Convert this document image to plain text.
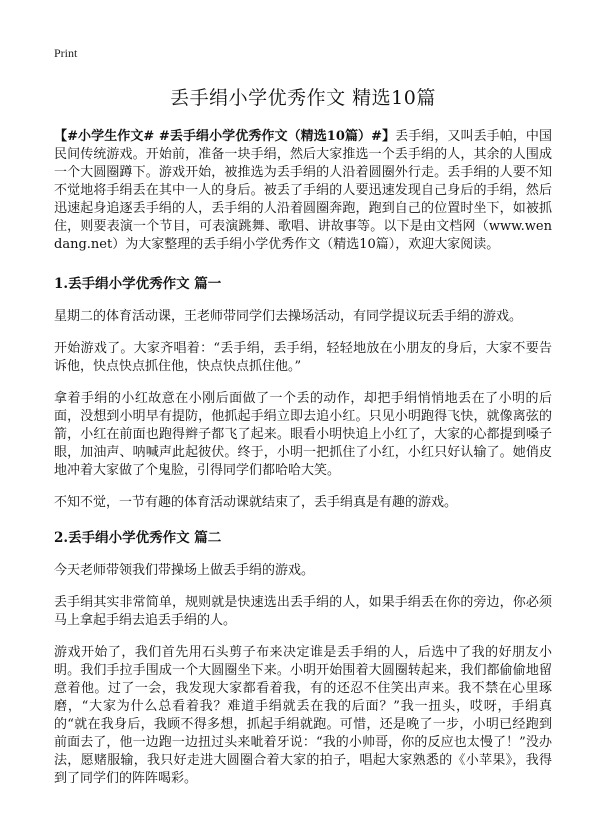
Print
丢手绢小学优秀作文 精选10篇

【#小学生作文# #丢手绢小学优秀作文（精选10篇）#】丢手绢，又叫丢手帕，中国民间传统游戏。开始前，准备一块手绢，然后大家推选一个丢手绢的人，其余的人围成一个大圆圈蹲下。游戏开始，被推选为丢手绢的人沿着圆圈外行走。丢手绢的人要不知不觉地将手绢丢在其中一人的身后。被丢了手绢的人要迅速发现自己身后的手绢，然后迅速起身追逐丢手绢的人，丢手绢的人沿着圆圈奔跑，跑到自己的位置时坐下，如被抓住，则要表演一个节目，可表演跳舞、歌唱、讲故事等。以下是由文档网（www.wendang.net）为大家整理的丢手绢小学优秀作文（精选10篇），欢迎大家阅读。

1.丢手绢小学优秀作文 篇一

星期二的体育活动课，王老师带同学们去操场活动，有同学提议玩丢手绢的游戏。

开始游戏了。大家齐唱着：“丢手绢，丢手绢，轻轻地放在小朋友的身后，大家不要告诉他，快点快点抓住他，快点快点抓住他。”

拿着手绢的小红故意在小刚后面做了一个丢的动作，却把手绢悄悄地丢在了小明的后面，没想到小明早有提防，他抓起手绢立即去追小红。只见小明跑得飞快，就像离弦的箭，小红在前面也跑得辫子都飞了起来。眼看小明快追上小红了，大家的心都提到嗓子眼，加油声、呐喊声此起彼伏。终于，小明一把抓住了小红，小红只好认输了。她俏皮地冲着大家做了个鬼脸，引得同学们都哈哈大笑。

不知不觉，一节有趣的体育活动课就结束了，丢手绢真是有趣的游戏。

2.丢手绢小学优秀作文 篇二

今天老师带领我们带操场上做丢手绢的游戏。

丢手绢其实非常简单，规则就是快速选出丢手绢的人，如果手绢丢在你的旁边，你必须马上拿起手绢去追丢手绢的人。

游戏开始了，我们首先用石头剪子布来决定谁是丢手绢的人，后选中了我的好朋友小明。我们手拉手围成一个大圆圈坐下来。小明开始围着大圆圈转起来，我们都偷偷地留意着他。过了一会，我发现大家都看着我，有的还忍不住笑出声来。我不禁在心里琢磨，“大家为什么总看着我？难道手绢就丢在我的后面？”我一扭头，哎呀，手绢真的“就在我身后，我顾不得多想，抓起手绢就跑。可惜，还是晚了一步，小明已经跑到前面去了，他一边跑一边扭过头来呲着牙说：“我的小帅哥，你的反应也太慢了！”没办法，愿赌服输，我只好走进大圆圈合着大家的拍子，唱起大家熟悉的《小苹果》，我得到了同学们的阵阵喝彩。
